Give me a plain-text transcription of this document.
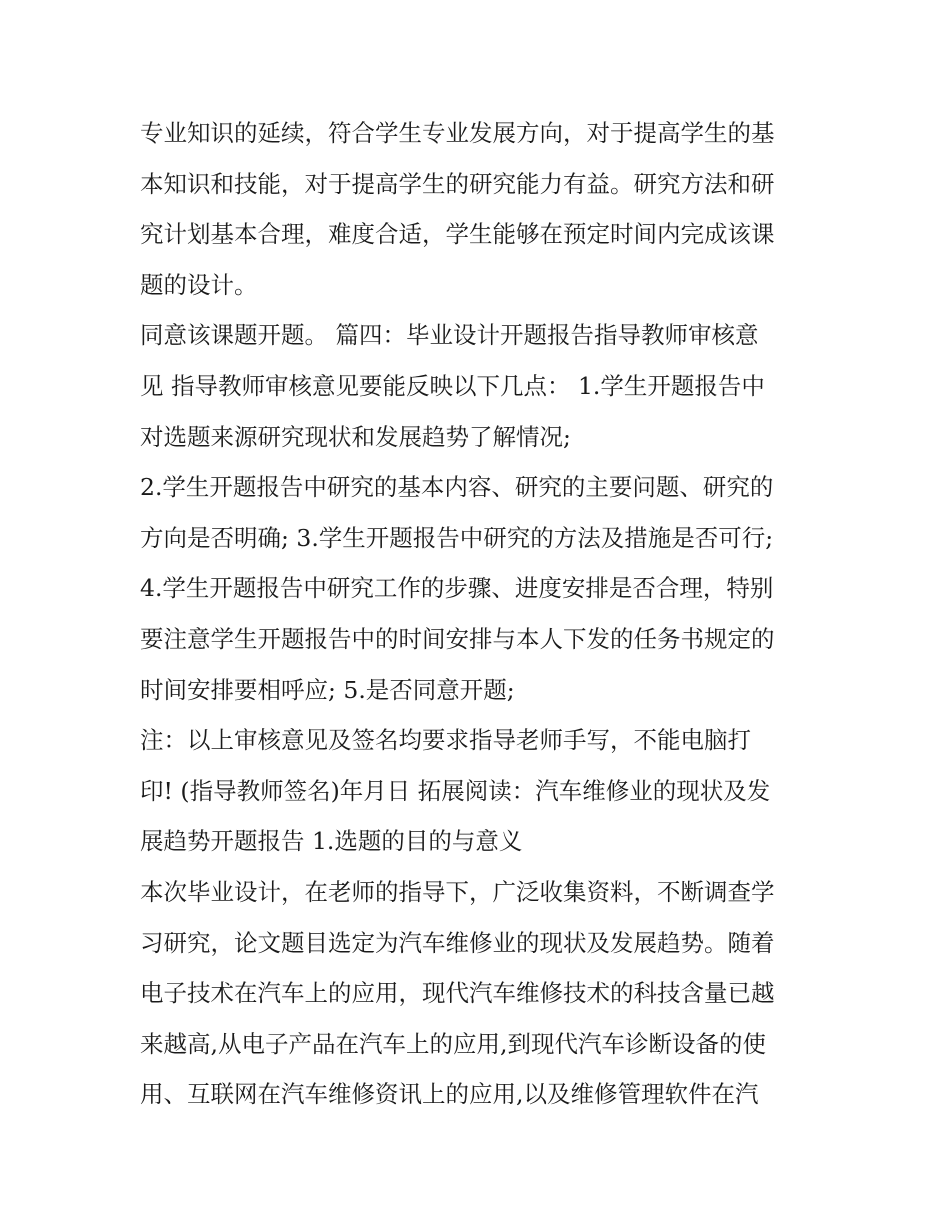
专业知识的延续，符合学生专业发展方向，对于提高学生的基
本知识和技能，对于提高学生的研究能力有益。研究方法和研
究计划基本合理，难度合适，学生能够在预定时间内完成该课
题的设计。
同意该课题开题。 篇四：毕业设计开题报告指导教师审核意
见 指导教师审核意见要能反映以下几点： 1.学生开题报告中
对选题来源研究现状和发展趋势了解情况;
2.学生开题报告中研究的基本内容、研究的主要问题、研究的
方向是否明确; 3.学生开题报告中研究的方法及措施是否可行;
4.学生开题报告中研究工作的步骤、进度安排是否合理，特别
要注意学生开题报告中的时间安排与本人下发的任务书规定的
时间安排要相呼应; 5.是否同意开题;
注：以上审核意见及签名均要求指导老师手写，不能电脑打
印! (指导教师签名)年月日 拓展阅读：汽车维修业的现状及发
展趋势开题报告 1.选题的目的与意义
本次毕业设计，在老师的指导下，广泛收集资料，不断调查学
习研究，论文题目选定为汽车维修业的现状及发展趋势。随着
电子技术在汽车上的应用，现代汽车维修技术的科技含量已越
来越高,从电子产品在汽车上的应用,到现代汽车诊断设备的使
用、互联网在汽车维修资讯上的应用,以及维修管理软件在汽
